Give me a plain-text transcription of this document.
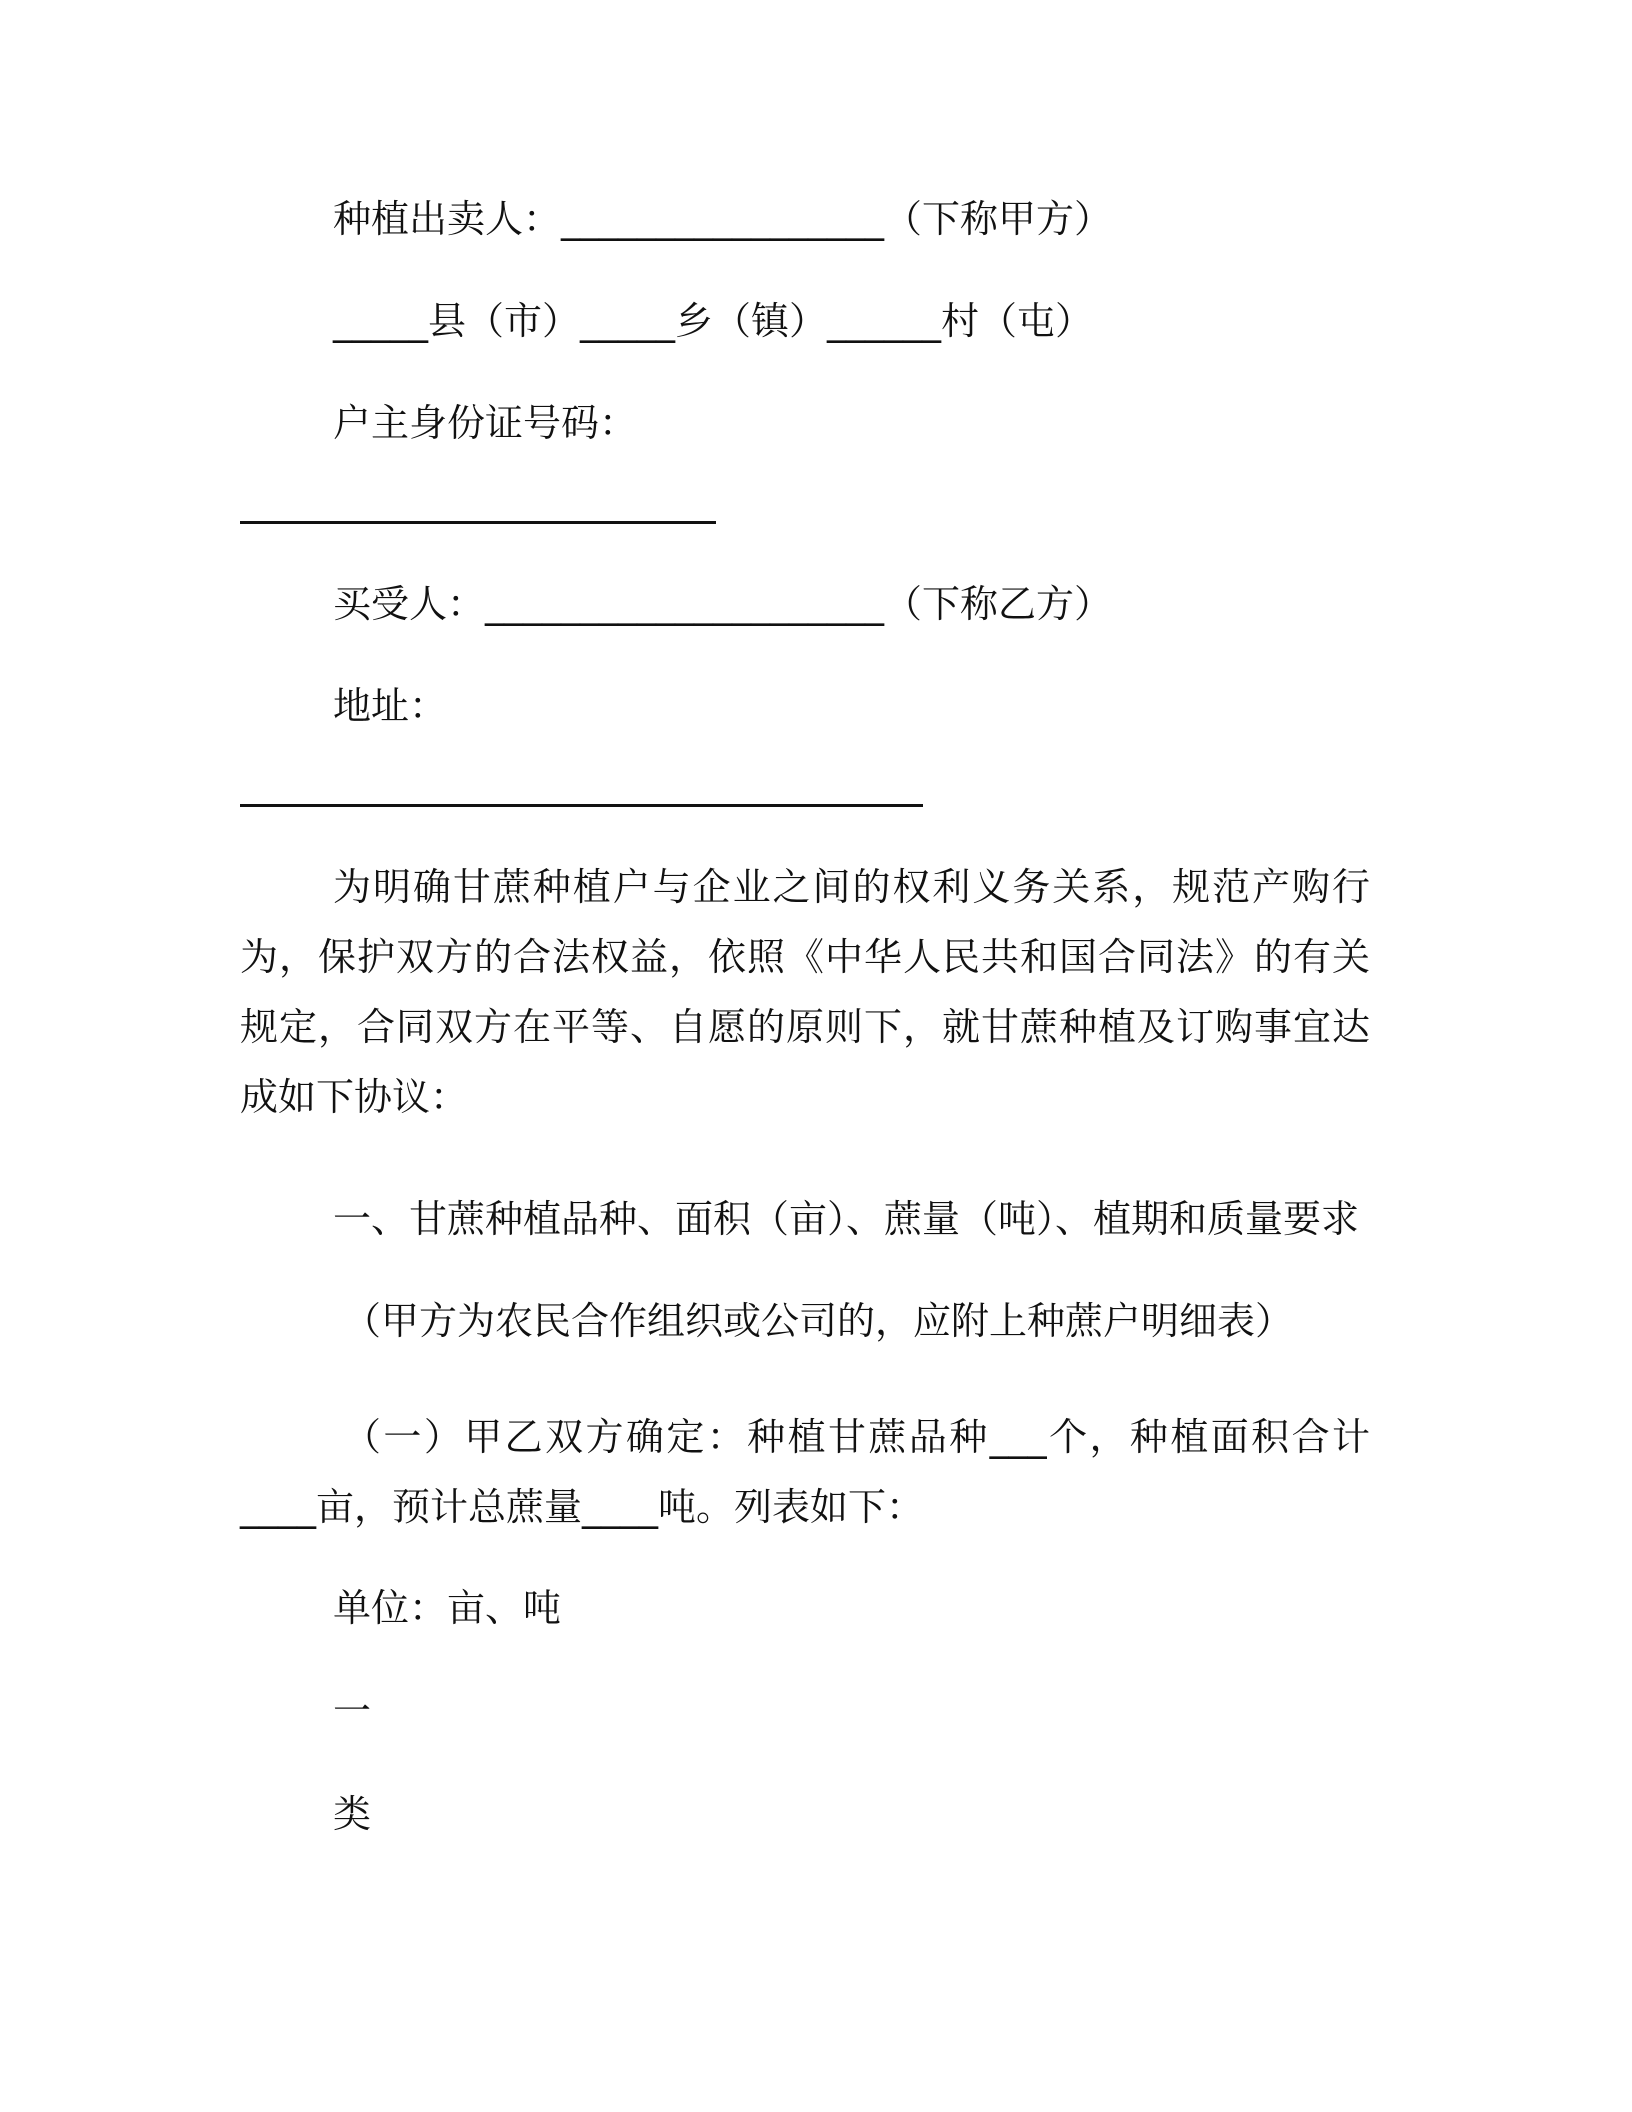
种植出卖人：_________________（下称甲方）
_____县（市）_____乡（镇）______村（屯）
户主身份证号码：
买受人：_____________________（下称乙方）
地址：
为明确甘蔗种植户与企业之间的权利义务关系，规范产购行为，保护双方的合法权益，依照《中华人民共和国合同法》的有关规定，合同双方在平等、自愿的原则下，就甘蔗种植及订购事宜达成如下协议：
一、甘蔗种植品种、面积（亩）、蔗量（吨）、植期和质量要求
（甲方为农民合作组织或公司的，应附上种蔗户明细表）
（一）甲乙双方确定：种植甘蔗品种___个，种植面积合计____亩，预计总蔗量____吨。列表如下：
单位：亩、吨
一
类
